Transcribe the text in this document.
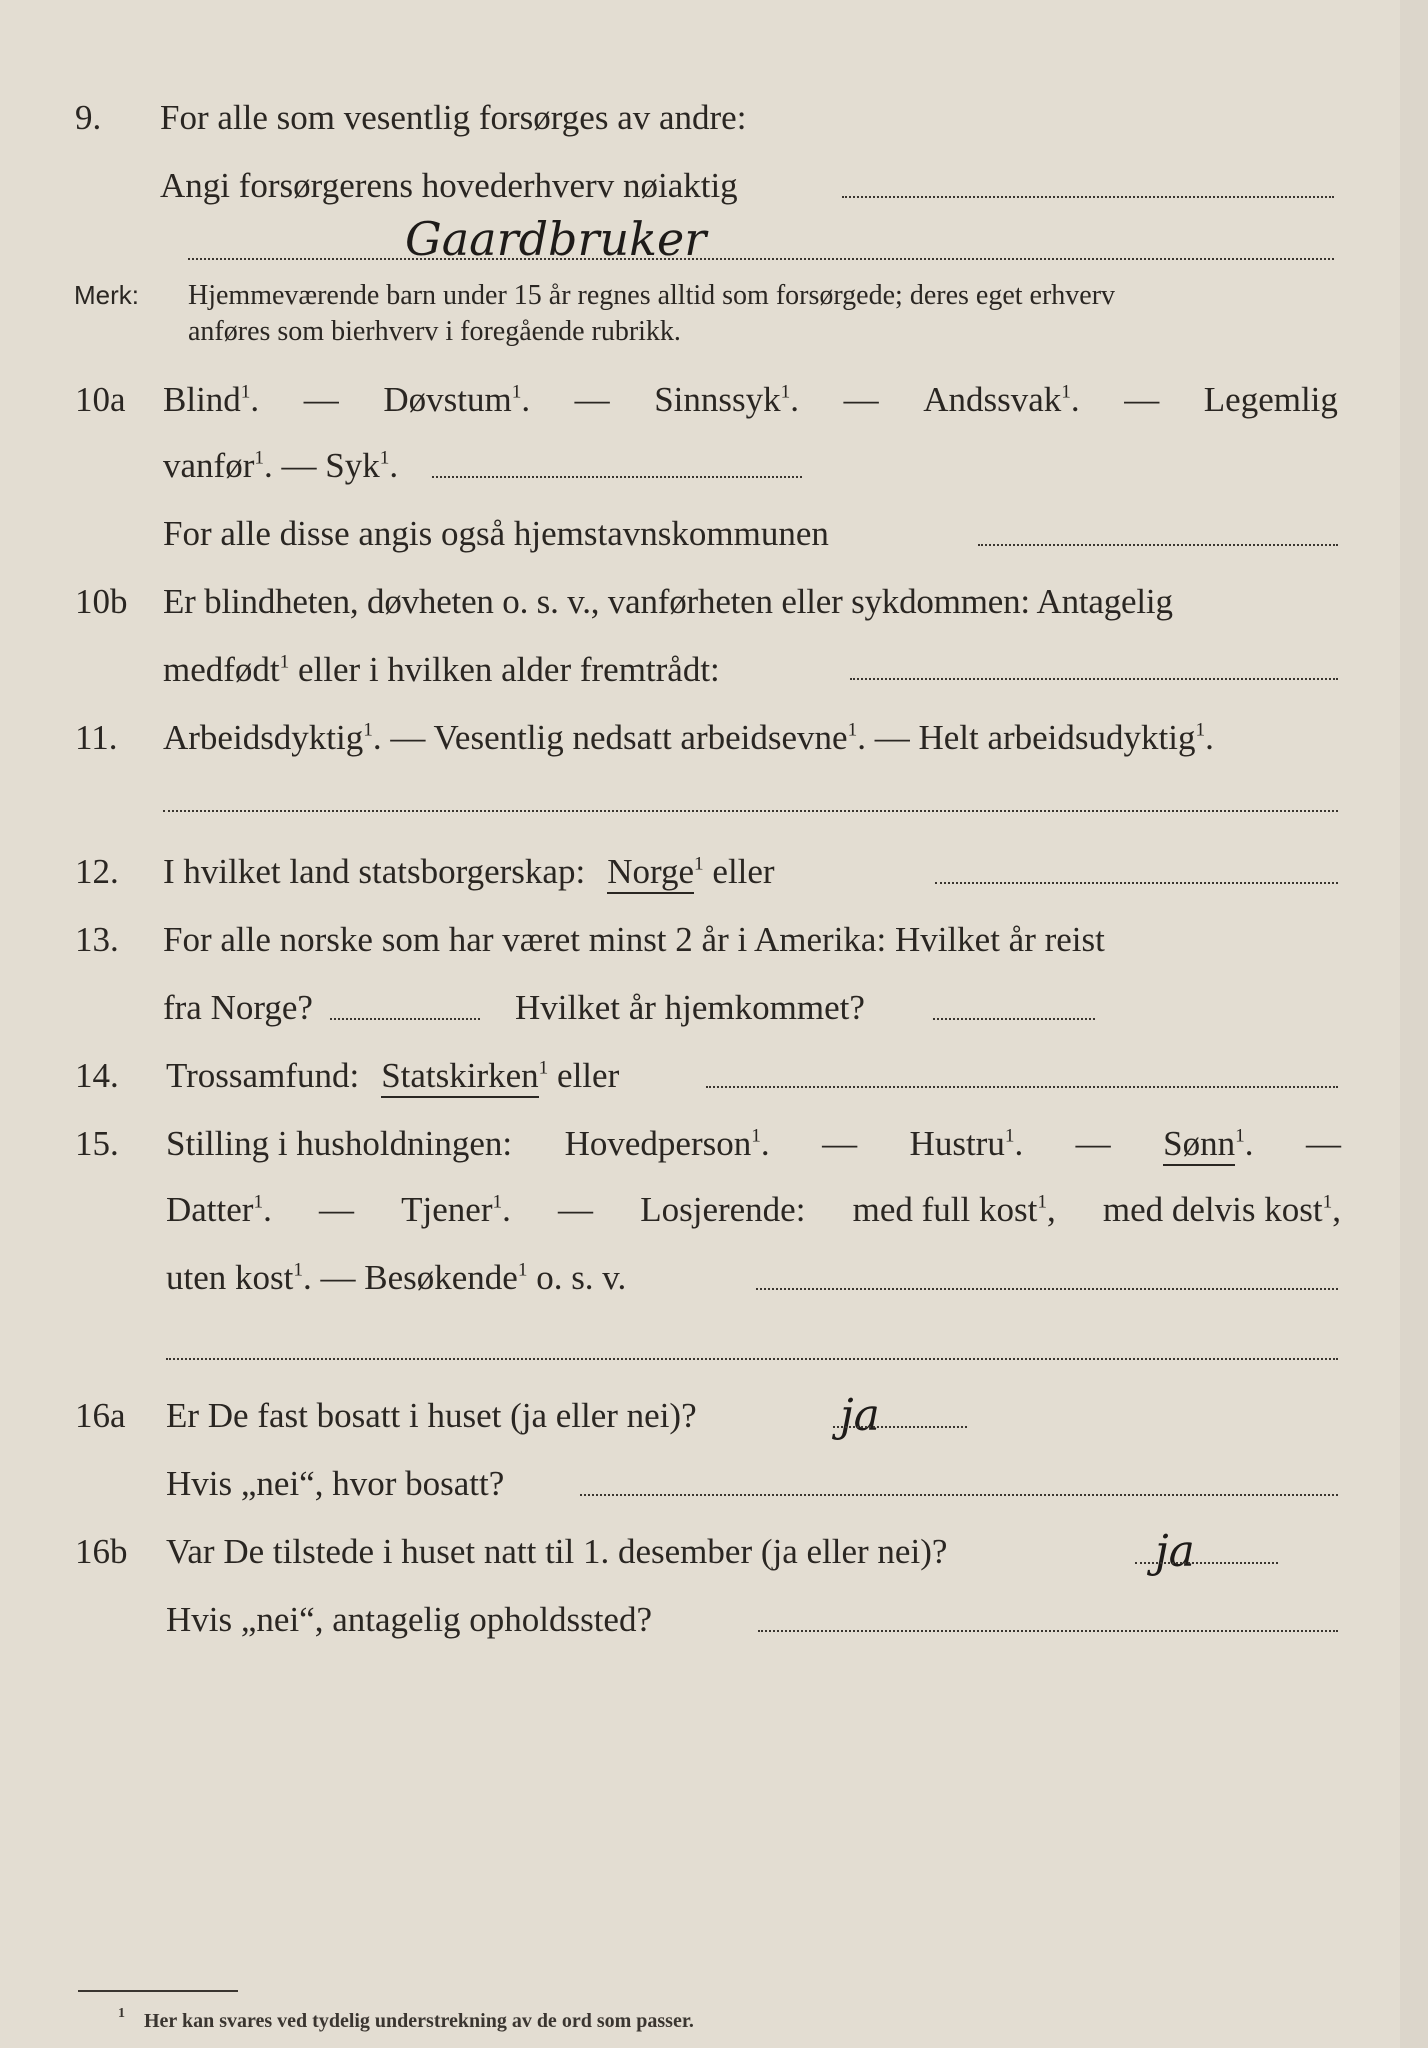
9. For alle som vesentlig forsørges av andre:
Angi forsørgerens hovederhverv nøiaktig
Gaardbruker
Merk: Hjemmeværende barn under 15 år regnes alltid som forsørgede; deres eget erhverv
anføres som bierhverv i foregående rubrikk.
10a Blind$^1$. — Døvstum$^1$. — Sinnssyk$^1$. — Andssvak$^1$. — Legemlig
vanfør$^1$. — Syk$^1$.
For alle disse angis også hjemstavnskommunen
10b Er blindheten, døvheten o. s. v., vanførheten eller sykdommen: Antagelig
medfødt$^1$ eller i hvilken alder fremtrådt:
11. Arbeidsdyktig$^1$. — Vesentlig nedsatt arbeidsevne$^1$. — Helt arbeidsudyktig$^1$.
12. I hvilket land statsborgerskap: Norge$^1$ eller
13. For alle norske som har været minst 2 år i Amerika: Hvilket år reist
fra Norge?	Hvilket år hjemkommet?
14. Trossamfund: Statskirken$^1$ eller
15. Stilling i husholdningen: Hovedperson$^1$. — Hustru$^1$. — Sønn$^1$. —
Datter$^1$. — Tjener$^1$. — Losjerende: med full kost$^1$, med delvis kost$^1$,
uten kost$^1$. — Besøkende$^1$ o. s. v.
16a Er De fast bosatt i huset (ja eller nei)?	ja
Hvis „nei“, hvor bosatt?
16b Var De tilstede i huset natt til 1. desember (ja eller nei)?	ja
Hvis „nei“, antagelig opholdssted?
$^1$ Her kan svares ved tydelig understrekning av de ord som passer.
